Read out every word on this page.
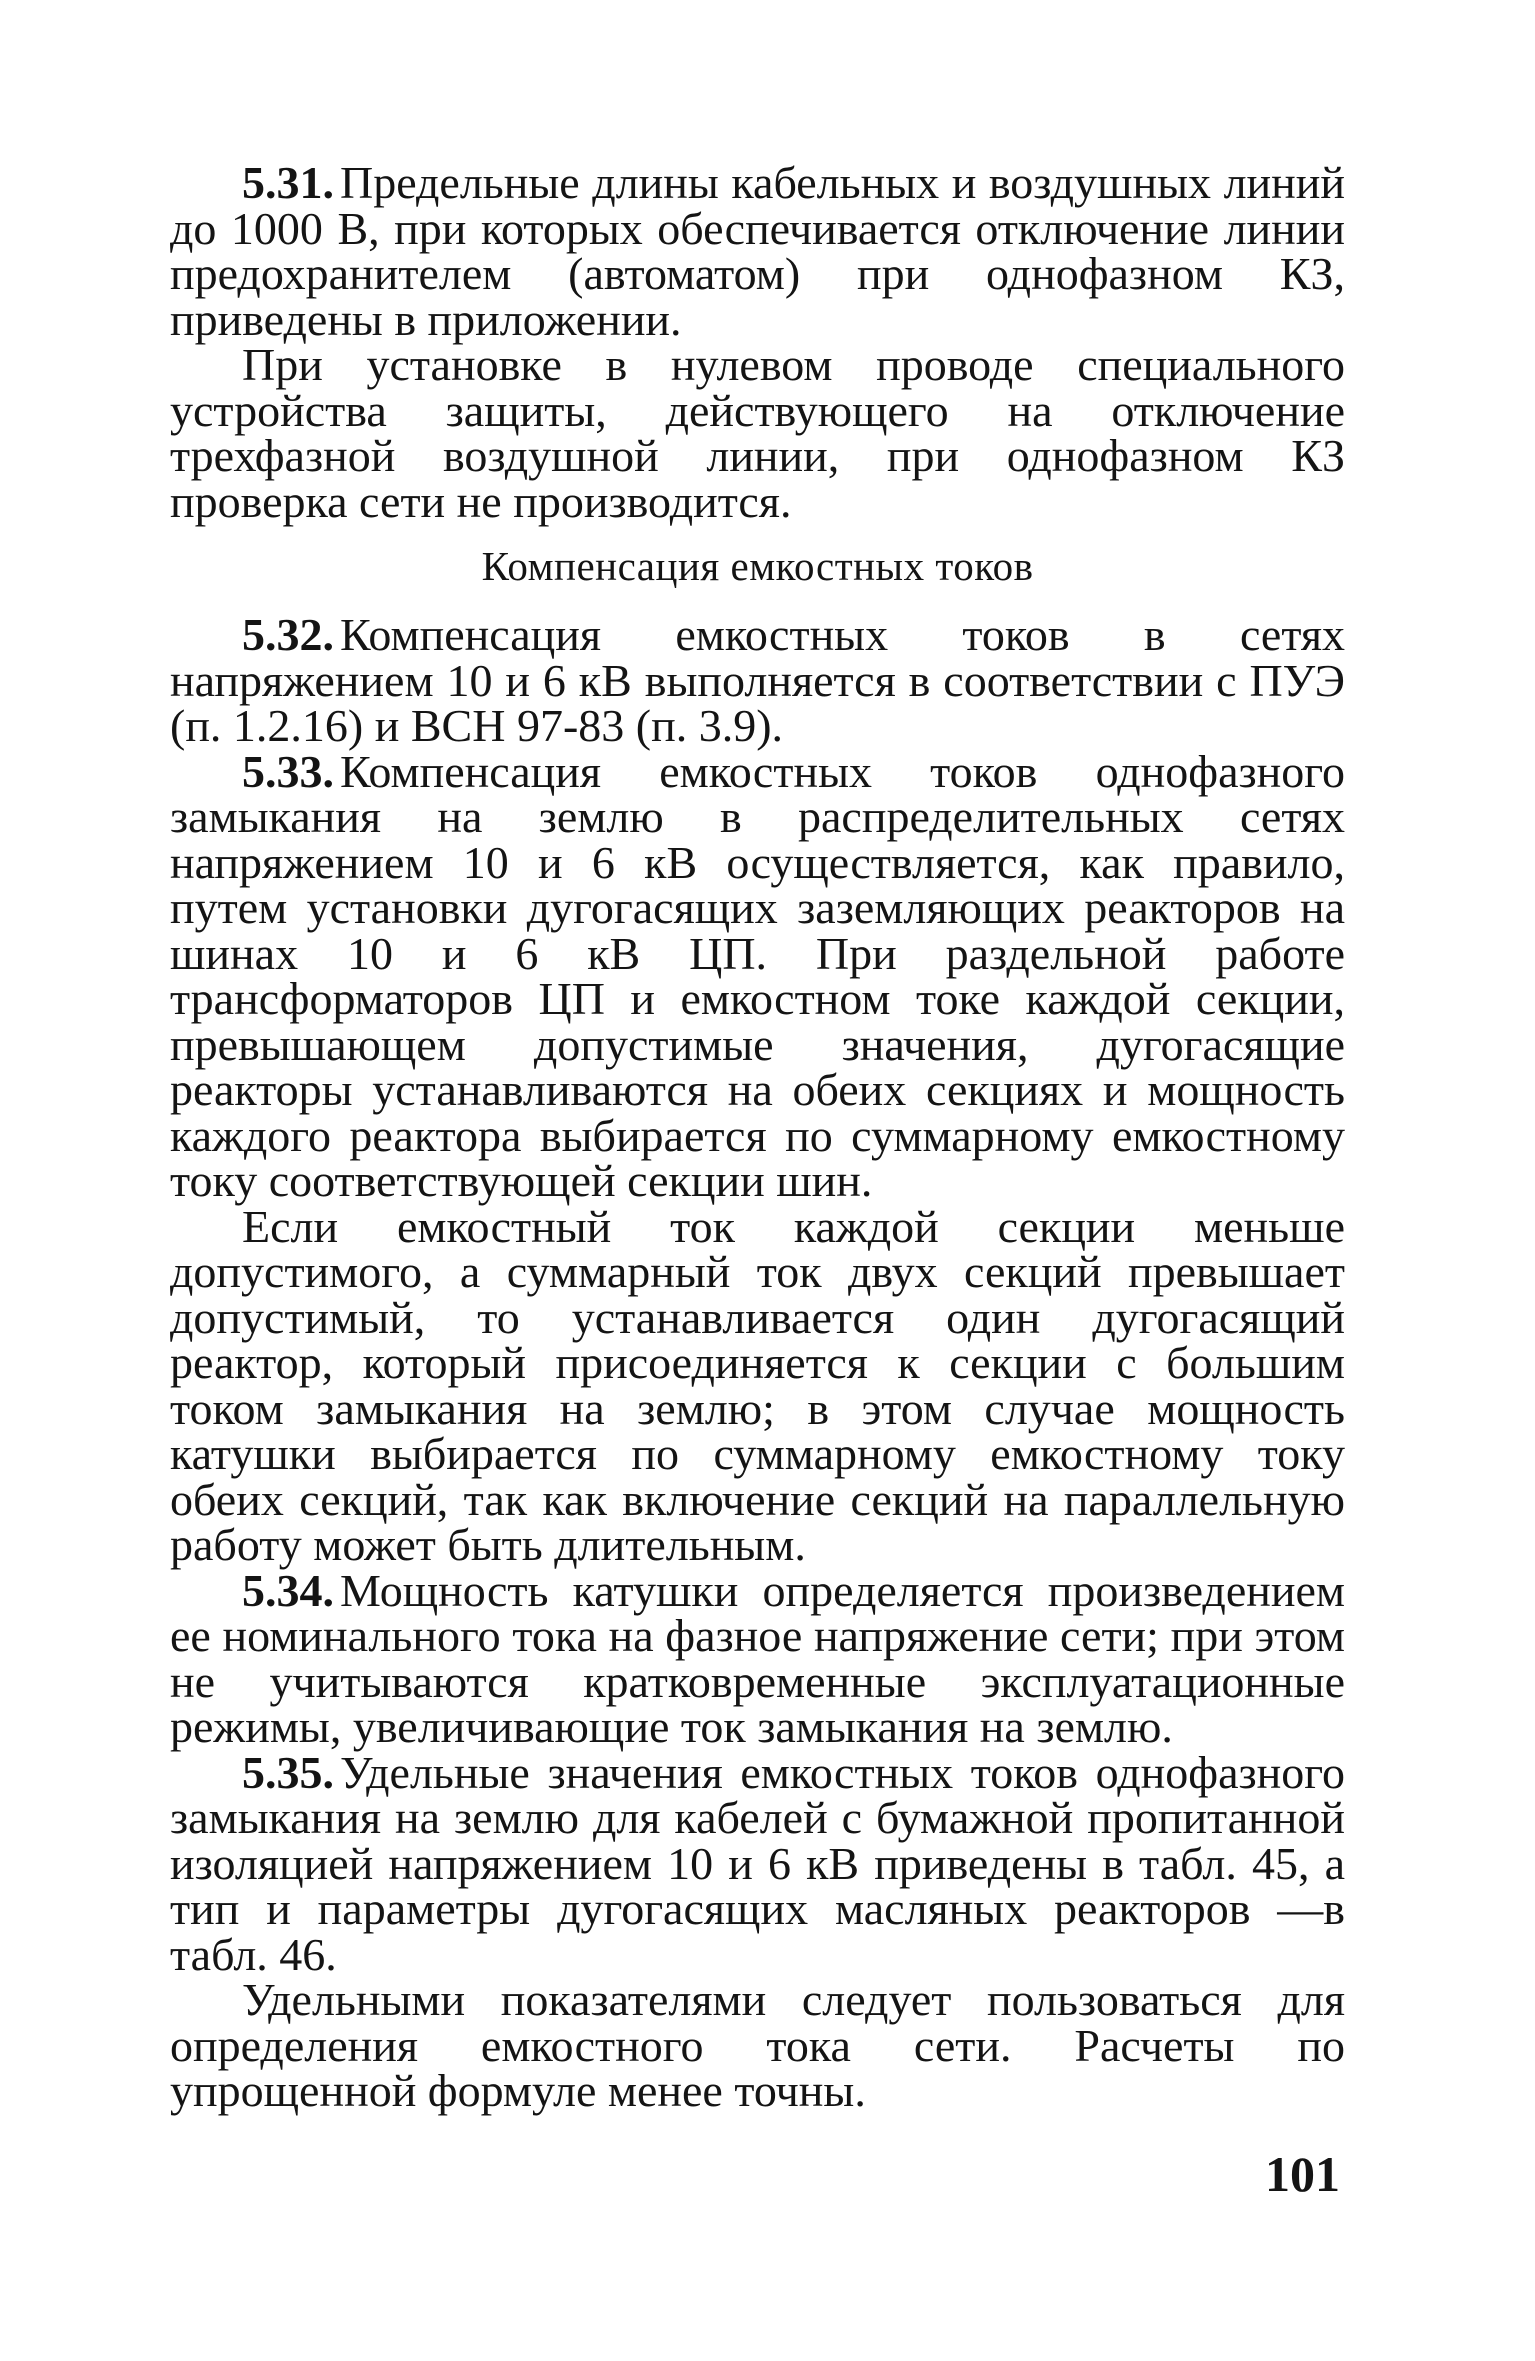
5.31. Предельные длины кабельных и воздушных линий до 1000 В, при которых обеспечивается отключение линии предохранителем (автоматом) при однофазном КЗ, приведены в приложении.

При установке в нулевом проводе специального устройства защиты, действующего на отключение трехфазной воздушной линии, при однофазном КЗ проверка сети не производится.

Компенсация емкостных токов

5.32. Компенсация емкостных токов в сетях напряжением 10 и 6 кВ выполняется в соответствии с ПУЭ (п. 1.2.16) и ВСН 97-83 (п. 3.9).

5.33. Компенсация емкостных токов однофазного замыкания на землю в распределительных сетях напряжением 10 и 6 кВ осуществляется, как правило, путем установки дугогасящих заземляющих реакторов на шинах 10 и 6 кВ ЦП. При раздельной работе трансформаторов ЦП и емкостном токе каждой секции, превышающем допустимые значения, дугогасящие реакторы устанавливаются на обеих секциях и мощность каждого реактора выбирается по суммарному емкостному току соответствующей секции шин.

Если емкостный ток каждой секции меньше допустимого, а суммарный ток двух секций превышает допустимый, то устанавливается один дугогасящий реактор, который присоединяется к секции с большим током замыкания на землю; в этом случае мощность катушки выбирается по суммарному емкостному току обеих секций, так как включение секций на параллельную работу может быть длительным.

5.34. Мощность катушки определяется произведением ее номинального тока на фазное напряжение сети; при этом не учитываются кратковременные эксплуатационные режимы, увеличивающие ток замыкания на землю.

5.35. Удельные значения емкостных токов однофазного замыкания на землю для кабелей с бумажной пропитанной изоляцией напряжением 10 и 6 кВ приведены в табл. 45, а тип и параметры дугогасящих масляных реакторов —в табл. 46.

Удельными показателями следует пользоваться для определения емкостного тока сети. Расчеты по упрощенной формуле менее точны.

101
